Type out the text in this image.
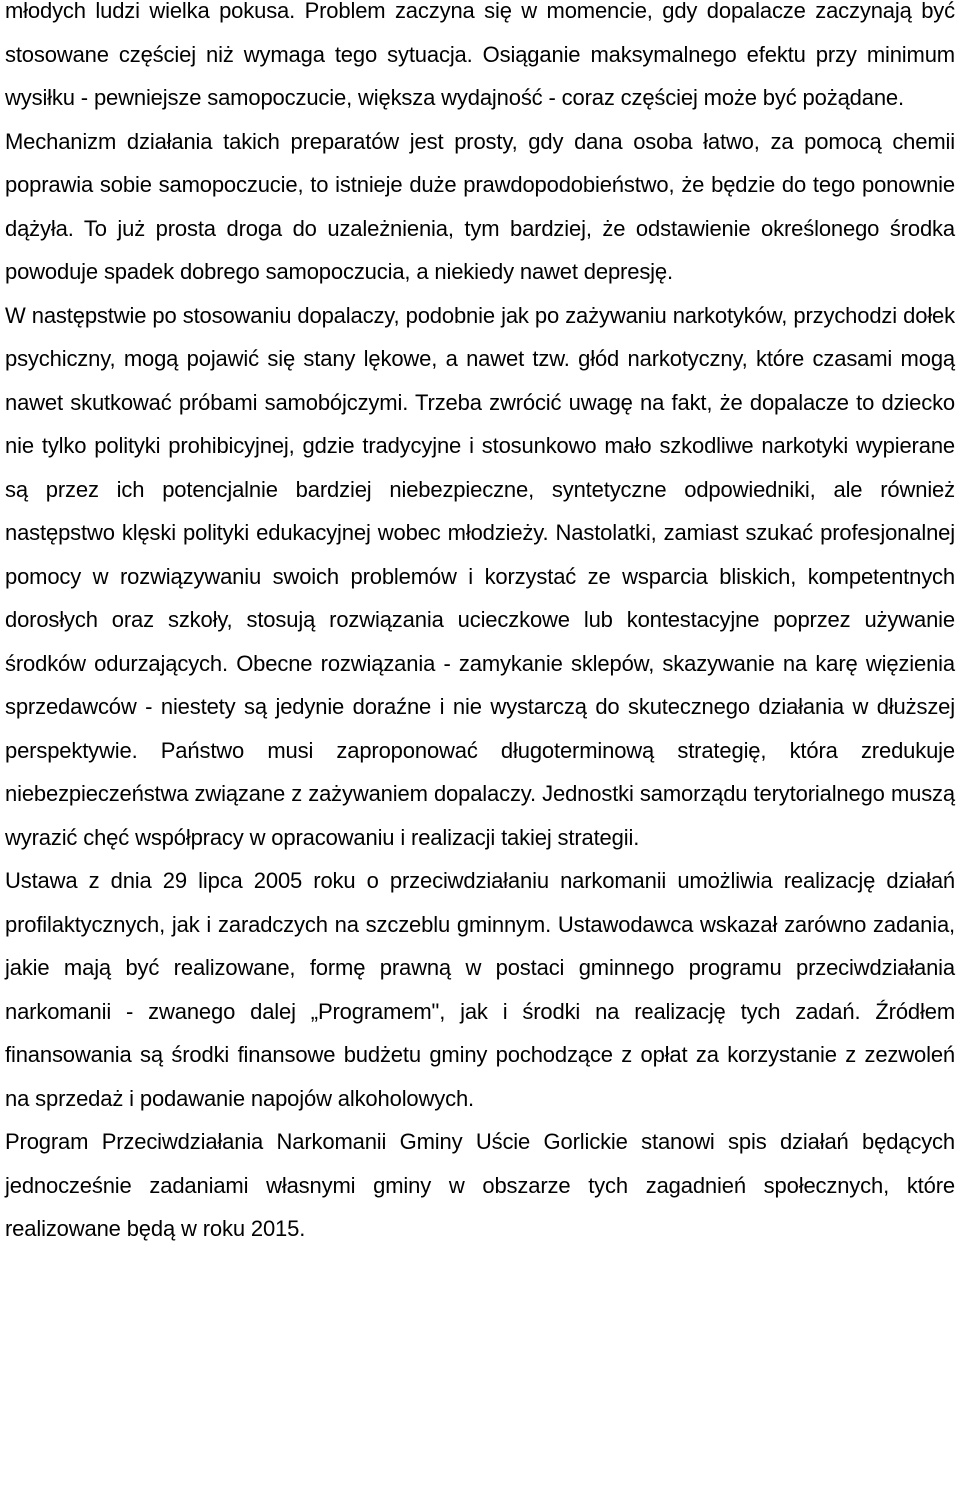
młodych ludzi wielka pokusa. Problem zaczyna się w momencie, gdy dopalacze zaczynają być stosowane częściej niż wymaga tego sytuacja. Osiąganie maksymalnego efektu przy minimum wysiłku - pewniejsze samopoczucie, większa wydajność - coraz częściej może być pożądane.

Mechanizm działania takich preparatów jest prosty, gdy dana osoba łatwo, za pomocą chemii poprawia sobie samopoczucie, to istnieje duże prawdopodobieństwo, że będzie do tego ponownie dążyła. To już prosta droga do uzależnienia, tym bardziej, że odstawienie określonego środka powoduje spadek dobrego samopoczucia, a niekiedy nawet depresję.

W następstwie po stosowaniu dopalaczy, podobnie jak po zażywaniu narkotyków, przychodzi dołek psychiczny, mogą pojawić się stany lękowe, a nawet tzw. głód narkotyczny, które czasami mogą nawet skutkować próbami samobójczymi. Trzeba zwrócić uwagę na fakt, że dopalacze to dziecko nie tylko polityki prohibicyjnej, gdzie tradycyjne i stosunkowo mało szkodliwe narkotyki wypierane są przez ich potencjalnie bardziej niebezpieczne, syntetyczne odpowiedniki, ale również następstwo klęski polityki edukacyjnej wobec młodzieży. Nastolatki, zamiast szukać profesjonalnej pomocy w rozwiązywaniu swoich problemów i korzystać ze wsparcia bliskich, kompetentnych dorosłych oraz szkoły, stosują rozwiązania ucieczkowe lub kontestacyjne poprzez używanie środków odurzających. Obecne rozwiązania - zamykanie sklepów, skazywanie na karę więzienia sprzedawców - niestety są jedynie doraźne i nie wystarczą do skutecznego działania w dłuższej perspektywie. Państwo musi zaproponować długoterminową strategię, która zredukuje niebezpieczeństwa związane z zażywaniem dopalaczy. Jednostki samorządu terytorialnego muszą wyrazić chęć współpracy w opracowaniu i realizacji takiej strategii.

Ustawa z dnia 29 lipca 2005 roku o przeciwdziałaniu narkomanii umożliwia realizację działań profilaktycznych, jak i zaradczych na szczeblu gminnym. Ustawodawca wskazał zarówno zadania, jakie mają być realizowane, formę prawną w postaci gminnego programu przeciwdziałania narkomanii - zwanego dalej „Programem", jak i środki na realizację tych zadań. Źródłem finansowania są środki finansowe budżetu gminy pochodzące z opłat za korzystanie z zezwoleń na sprzedaż i podawanie napojów alkoholowych.

Program Przeciwdziałania Narkomanii Gminy Uście Gorlickie stanowi spis działań będących jednocześnie zadaniami własnymi gminy w obszarze tych zagadnień społecznych, które realizowane będą w roku 2015.
